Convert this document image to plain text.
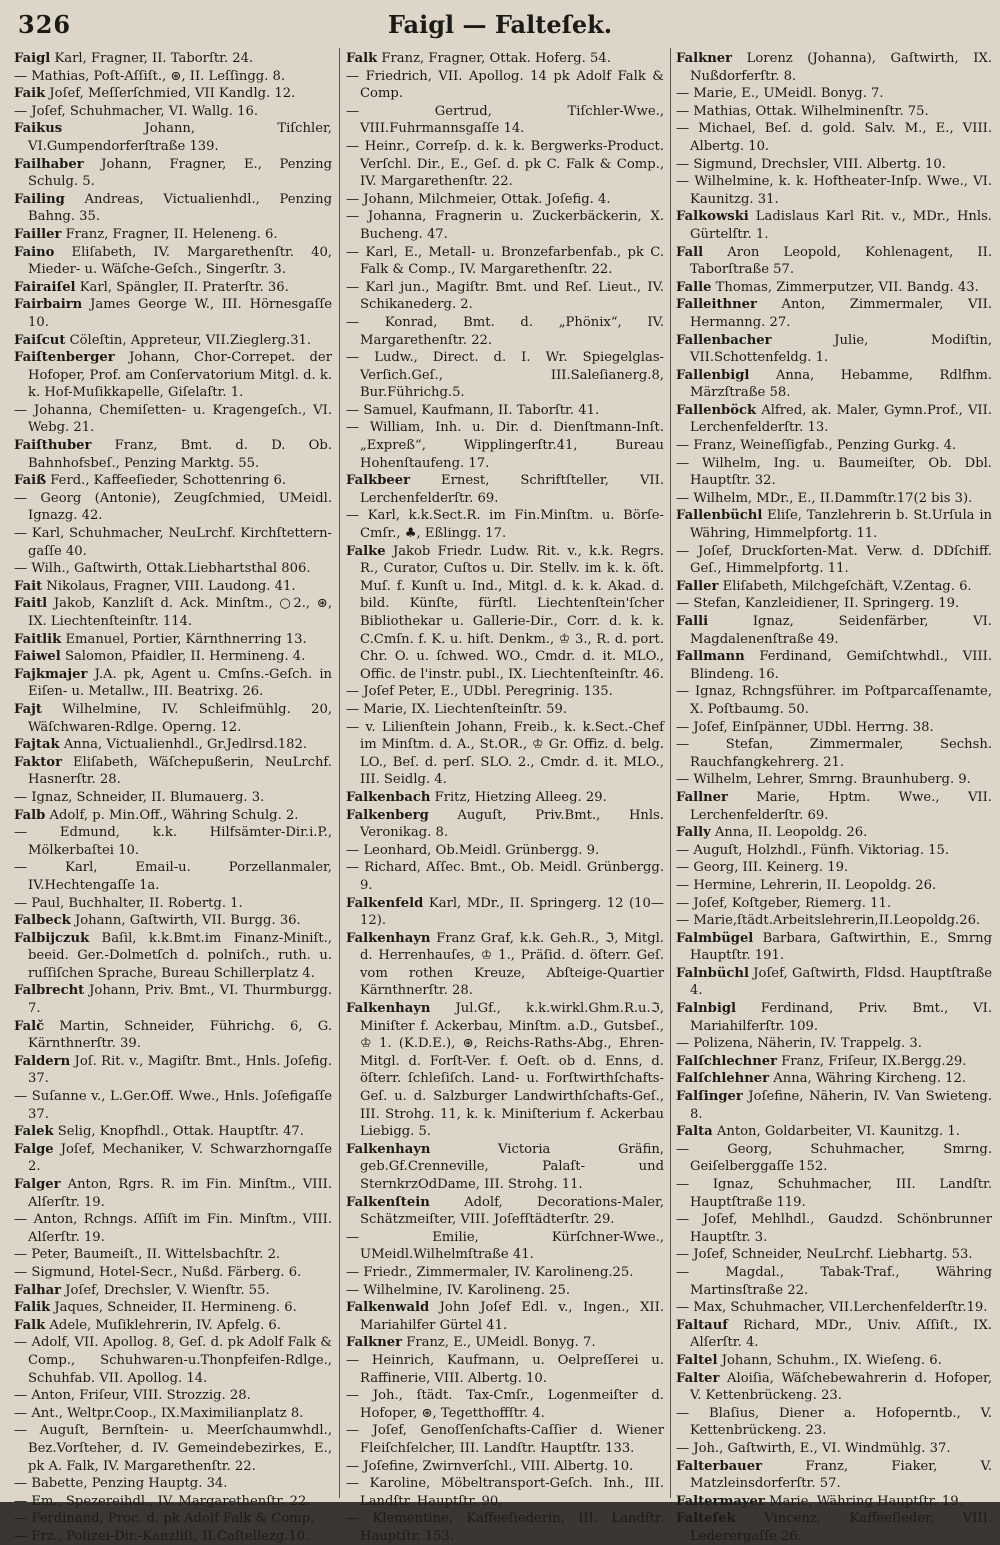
326	Faigl — Falteſek.

Faigl Karl, Fragner, II. Taborſtr. 24.

— Mathias, Poſt-Aſſiſt., ⊛, II. Leſſingg. 8.

Faik Joſef, Meſſerſchmied, VII Kandlg. 12.

— Joſef, Schuhmacher, VI. Wallg. 16.

Faikus Johann, Tiſchler, VI.Gumpendorferſtraße 139.

Failhaber Johann, Fragner, E., Penzing Schulg. 5.

Failing Andreas, Victualienhdl., Penzing Bahng. 35.

Failler Franz, Fragner, II. Heleneng. 6.

Faino Eliſabeth, IV. Margarethenſtr. 40, Mieder- u. Wäſche-Geſch., Singerſtr. 3.

Fairaiſel Karl, Spängler, II. Praterſtr. 36.

Fairbairn James George W., III. Hörnesgaſſe 10.

Faiſcut Cöleſtin, Appreteur, VII.Zieglerg.31.

Faiſtenberger Johann, Chor-Correpet. der Hofoper, Prof. am Conſervatorium Mitgl. d. k. k. Hof-Muſikkapelle, Giſelaſtr. 1.

— Johanna, Chemiſetten- u. Kragengeſch., VI. Webg. 21.

Faiſthuber Franz, Bmt. d. D. Ob. Bahnhofsbeſ., Penzing Marktg. 55.

Faiß Ferd., Kaffeeſieder, Schottenring 6.

— Georg (Antonie), Zeugſchmied, UMeidl. Ignazg. 42.

— Karl, Schuhmacher, NeuLrchf. Kirchſtettern-gaſſe 40.

— Wilh., Gaſtwirth, Ottak.Liebhartsthal 806.

Fait Nikolaus, Fragner, VIII. Laudong. 41.

Faitl Jakob, Kanzliſt d. Ack. Minſtm., ○2., ⊛, IX. Liechtenſteinſtr. 114.

Faitlik Emanuel, Portier, Kärnthnerring 13.

Faiwel Salomon, Pfaidler, II. Hermineng. 4.

Fajkmajer J.A. pk, Agent u. Cmſns.-Geſch. in Eiſen- u. Metallw., III. Beatrixg. 26.

Fajt Wilhelmine, IV. Schleifmühlg. 20, Wäſchwaren-Rdlge. Operng. 12.

Fajtak Anna, Victualienhdl., Gr.Jedlrsd.182.

Faktor Eliſabeth, Wäſchepußerin, NeuLrchf. Hasnerſtr. 28.

— Ignaz, Schneider, II. Blumauerg. 3.

Falb Adolf, p. Min.Off., Währing Schulg. 2.

— Edmund, k.k. Hilfsämter-Dir.i.P., Mölkerbaſtei 10.

— Karl, Email-u. Porzellanmaler, IV.Hechtengaſſe 1a.

— Paul, Buchhalter, II. Robertg. 1.

Falbeck Johann, Gaſtwirth, VII. Burgg. 36.

Falbijczuk Baſil, k.k.Bmt.im Finanz-Miniſt., beeid. Ger.-Dolmetſch d. polniſch., ruth. u. ruſſiſchen Sprache, Bureau Schillerplatz 4.

Falbrecht Johann, Priv. Bmt., VI. Thurmburgg. 7.

Falč Martin, Schneider, Führichg. 6, G. Kärnthnerſtr. 39.

Faldern Joſ. Rit. v., Magiſtr. Bmt., Hnls. Joſefig. 37.

— Suſanne v., L.Ger.Off. Wwe., Hnls. Joſefigaſſe 37.

Falek Selig, Knopfhdl., Ottak. Hauptſtr. 47.

Falge Joſef, Mechaniker, V. Schwarzhorngaſſe 2.

Falger Anton, Rgrs. R. im Fin. Minſtm., VIII. Alſerſtr. 19.

— Anton, Rchngs. Aſſiſt im Fin. Minſtm., VIII. Alſerſtr. 19.

— Peter, Baumeiſt., II. Wittelsbachſtr. 2.

— Sigmund, Hotel-Secr., Nußd. Färberg. 6.

Falhar Joſef, Drechsler, V. Wienſtr. 55.

Falik Jaques, Schneider, II. Hermineng. 6.

Falk Adele, Muſiklehrerin, IV. Apfelg. 6.

— Adolf, VII. Apollog. 8, Geſ. d. pk Adolf Falk & Comp., Schuhwaren-u.Thonpfeifen-Rdlge., Schuhfab. VII. Apollog. 14.

— Anton, Friſeur, VIII. Strozzig. 28.

— Ant., Weltpr.Coop., IX.Maximilianplatz 8.

— Auguſt, Bernſtein- u. Meerſchaumwhdl., Bez.Vorſteher, d. IV. Gemeindebezirkes, E., pk A. Falk, IV. Margarethenſtr. 22.

— Babette, Penzing Hauptg. 34.

— Em., Spezereihdl., IV. Margarethenſtr. 22.

— Ferdinand, Proc. d. pk Adolf Falk & Comp.

— Frz., Polizei-Dir.-Kanzliſt, II.Caſtellezg.10.

Falk Franz, Fragner, Ottak. Hoferg. 54.

— Friedrich, VII. Apollog. 14 pk Adolf Falk & Comp.

— Gertrud, Tiſchler-Wwe., VIII.Fuhrmannsgaſſe 14.

— Heinr., Correſp. d. k. k. Bergwerks-Product. Verſchl. Dir., E., Geſ. d. pk C. Falk & Comp., IV. Margarethenſtr. 22.

— Johann, Milchmeier, Ottak. Joſefig. 4.

— Johanna, Fragnerin u. Zuckerbäckerin, X. Bucheng. 47.

— Karl, E., Metall- u. Bronzefarbenfab., pk C. Falk & Comp., IV. Margarethenſtr. 22.

— Karl jun., Magiſtr. Bmt. und Reſ. Lieut., IV. Schikanederg. 2.

— Konrad, Bmt. d. „Phönix“, IV. Margarethenſtr. 22.

— Ludw., Direct. d. I. Wr. Spiegelglas-Verſich.Geſ., III.Saleſianerg.8, Bur.Führichg.5.

— Samuel, Kaufmann, II. Taborſtr. 41.

— William, Inh. u. Dir. d. Dienſtmann-Inſt. „Expreß“, Wipplingerſtr.41, Bureau Hohenſtaufeng. 17.

Falkbeer Ernest, Schriftſteller, VII. Lerchenfelderſtr. 69.

— Karl, k.k.Sect.R. im Fin.Minſtm. u. Börſe-Cmſr., ♣, Eßlingg. 17.

Falke Jakob Friedr. Ludw. Rit. v., k.k. Regrs. R., Curator, Cuſtos u. Dir. Stellv. im k. k. öſt. Muſ. f. Kunſt u. Ind., Mitgl. d. k. k. Akad. d. bild. Künſte, fürſtl. Liechtenſtein'ſcher Bibliothekar u. Gallerie-Dir., Corr. d. k. k. C.Cmſn. f. K. u. hiſt. Denkm., ♔ 3., R. d. port. Chr. O. u. ſchwed. WO., Cmdr. d. it. MLO., Offic. de l'instr. publ., IX. Liechtenſteinſtr. 46.

— Joſef Peter, E., UDbl. Peregrinig. 135.

— Marie, IX. Liechtenſteinſtr. 59.

— v. Lilienſtein Johann, Freib., k. k.Sect.-Chef im Minſtm. d. A., St.OR., ♔ Gr. Offiz. d. belg. LO., Beſ. d. perſ. SLO. 2., Cmdr. d. it. MLO., III. Seidlg. 4.

Falkenbach Fritz, Hietzing Alleeg. 29.

Falkenberg Auguſt, Priv.Bmt., Hnls. Veronikag. 8.

— Leonhard, Ob.Meidl. Grünbergg. 9.

— Richard, Aſſec. Bmt., Ob. Meidl. Grünbergg. 9.

Falkenfeld Karl, MDr., II. Springerg. 12 (10—12).

Falkenhayn Franz Graf, k.k. Geh.R., ℑ, Mitgl. d. Herrenhauſes, ♔ 1., Präſid. d. öſterr. Geſ. vom rothen Kreuze, Abſteige-Quartier Kärnthnerſtr. 28.

Falkenhayn Jul.Gf., k.k.wirkl.Ghm.R.u.ℑ, Miniſter f. Ackerbau, Minſtm. a.D., Gutsbeſ., ♔ 1. (K.D.E.), ⊛, Reichs-Raths-Abg., Ehren-Mitgl. d. Forſt-Ver. f. Oeſt. ob d. Enns, d. öſterr. ſchleſiſch. Land- u. Forſtwirthſchafts-Geſ. u. d. Salzburger Landwirthſchafts-Geſ., III. Strohg. 11, k. k. Miniſterium f. Ackerbau Liebigg. 5.

Falkenhayn Victoria Gräfin, geb.Gf.Crenneville, Palaſt- und SternkrzOdDame, III. Strohg. 11.

Falkenſtein Adolf, Decorations-Maler, Schätzmeiſter, VIII. Joſefſtädterſtr. 29.

— Emilie, Kürſchner-Wwe., UMeidl.Wilhelmſtraße 41.

— Friedr., Zimmermaler, IV. Karolineng.25.

— Wilhelmine, IV. Karolineng. 25.

Falkenwald John Joſef Edl. v., Ingen., XII. Mariahilfer Gürtel 41.

Falkner Franz, E., UMeidl. Bonyg. 7.

— Heinrich, Kaufmann, u. Oelpreſſerei u. Raffinerie, VIII. Albertg. 10.

— Joh., ſtädt. Tax-Cmſr., Logenmeiſter d. Hofoper, ⊛, Tegetthoffſtr. 4.

— Joſef, Genoſſenſchafts-Caſſier d. Wiener Fleiſchſelcher, III. Landſtr. Hauptſtr. 133.

— Joſefine, Zwirnverſchl., VIII. Albertg. 10.

— Karoline, Möbeltransport-Geſch. Inh., III. Landſtr. Hauptſtr. 90.

— Klementine, Kaffeeſiederin, III. Landſtr. Hauptſtr. 153.

Falkner Lorenz (Johanna), Gaſtwirth, IX. Nußdorferſtr. 8.

— Marie, E., UMeidl. Bonyg. 7.

— Mathias, Ottak. Wilhelminenſtr. 75.

— Michael, Beſ. d. gold. Salv. M., E., VIII. Albertg. 10.

— Sigmund, Drechsler, VIII. Albertg. 10.

— Wilhelmine, k. k. Hoftheater-Inſp. Wwe., VI. Kaunitzg. 31.

Falkowski Ladislaus Karl Rit. v., MDr., Hnls. Gürtelſtr. 1.

Fall Aron Leopold, Kohlenagent, II. Taborſtraße 57.

Falle Thomas, Zimmerputzer, VII. Bandg. 43.

Falleithner Anton, Zimmermaler, VII. Hermanng. 27.

Fallenbacher Julie, Modiſtin, VII.Schottenfeldg. 1.

Fallenbigl Anna, Hebamme, Rdlfhm. Märzſtraße 58.

Fallenböck Alfred, ak. Maler, Gymn.Prof., VII. Lerchenfelderſtr. 13.

— Franz, Weineſſigfab., Penzing Gurkg. 4.

— Wilhelm, Ing. u. Baumeiſter, Ob. Dbl. Hauptſtr. 32.

— Wilhelm, MDr., E., II.Dammſtr.17(2 bis 3).

Fallenbüchl Eliſe, Tanzlehrerin b. St.Urſula in Währing, Himmelpfortg. 11.

— Joſef, Druckſorten-Mat. Verw. d. DDſchiff. Geſ., Himmelpfortg. 11.

Faller Eliſabeth, Milchgeſchäft, V.Zentag. 6.

— Stefan, Kanzleidiener, II. Springerg. 19.

Falli Ignaz, Seidenfärber, VI. Magdalenenſtraße 49.

Fallmann Ferdinand, Gemiſchtwhdl., VIII. Blindeng. 16.

— Ignaz, Rchngsführer. im Poſtparcaſſenamte, X. Poſtbaumg. 50.

— Joſef, Einſpänner, UDbl. Herrng. 38.

— Stefan, Zimmermaler, Sechsh. Rauchfangkehrerg. 21.

— Wilhelm, Lehrer, Smrng. Braunhuberg. 9.

Fallner Marie, Hptm. Wwe., VII. Lerchenfelderſtr. 69.

Fally Anna, II. Leopoldg. 26.

— Auguſt, Holzhdl., Fünfh. Viktoriag. 15.

— Georg, III. Keinerg. 19.

— Hermine, Lehrerin, II. Leopoldg. 26.

— Joſef, Koſtgeber, Riemerg. 11.

— Marie,ſtädt.Arbeitslehrerin,II.Leopoldg.26.

Falmbügel Barbara, Gaſtwirthin, E., Smrng Hauptſtr. 191.

Falnbüchl Joſef, Gaſtwirth, Fldsd. Hauptſtraße 4.

Falnbigl Ferdinand, Priv. Bmt., VI. Mariahilferſtr. 109.

— Polizena, Näherin, IV. Trappelg. 3.

Falſchlechner Franz, Friſeur, IX.Bergg.29.

Falſchlehner Anna, Währing Kircheng. 12.

Falſinger Joſefine, Näherin, IV. Van Swieteng. 8.

Falta Anton, Goldarbeiter, VI. Kaunitzg. 1.

— Georg, Schuhmacher, Smrng. Geiſelberggaſſe 152.

— Ignaz, Schuhmacher, III. Landſtr. Hauptſtraße 119.

— Joſef, Mehlhdl., Gaudzd. Schönbrunner Hauptſtr. 3.

— Joſef, Schneider, NeuLrchf. Liebhartg. 53.

— Magdal., Tabak-Traf., Währing Martinsſtraße 22.

— Max, Schuhmacher, VII.Lerchenfelderſtr.19.

Faltauf Richard, MDr., Univ. Aſſiſt., IX. Alſerſtr. 4.

Faltel Johann, Schuhm., IX. Wieſeng. 6.

Falter Aloiſia, Wäſchebewahrerin d. Hofoper, V. Kettenbrückeng. 23.

— Blaſius, Diener a. Hofoperntb., V. Kettenbrückeng. 23.

— Joh., Gaſtwirth, E., VI. Windmühlg. 37.

Falterbauer Franz, Fiaker, V. Matzleinsdorferſtr. 57.

Faltermayer Marie, Währing Hauptſtr. 19.

Falteſek Vincenz, Kaffeeſieder, VIII. Lederergaſſe 26.
